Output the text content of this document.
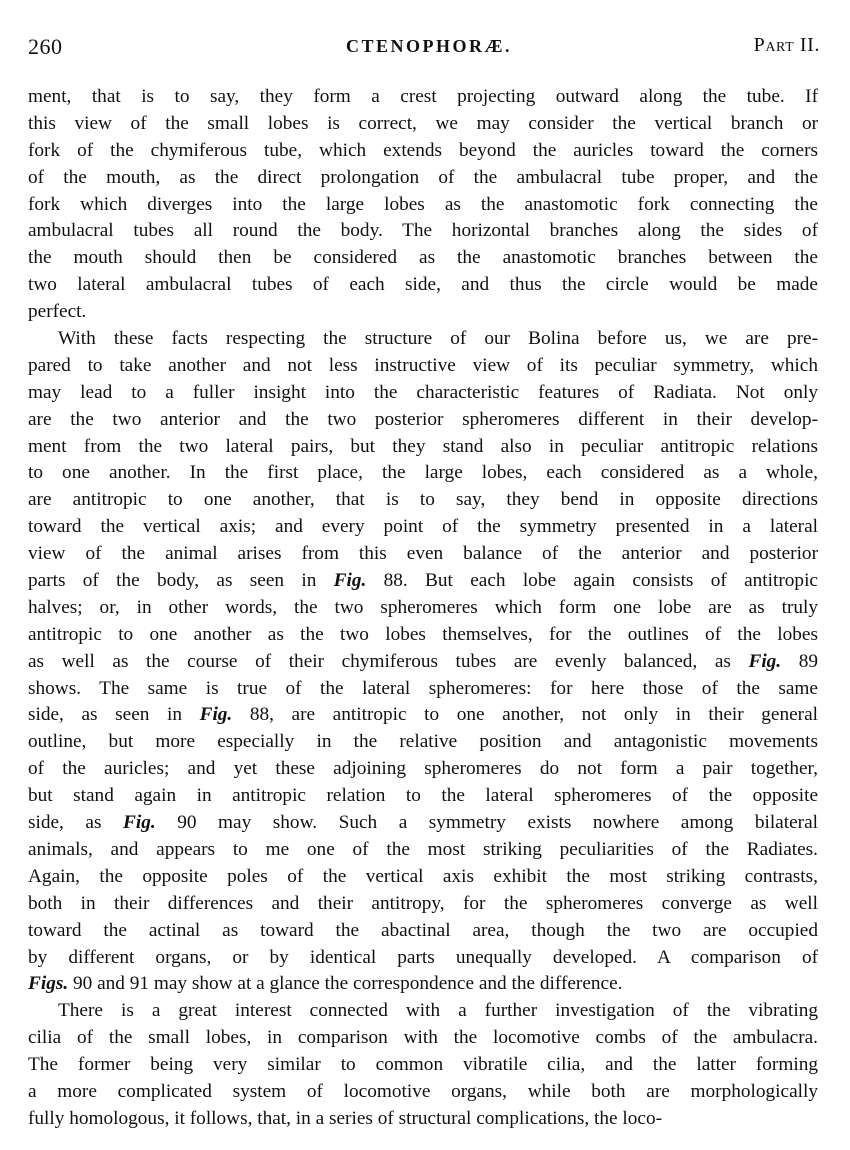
260	CTENOPHORÆ.	Part II.
ment, that is to say, they form a crest projecting outward along the tube. If
this view of the small lobes is correct, we may consider the vertical branch or
fork of the chymiferous tube, which extends beyond the auricles toward the corners
of the mouth, as the direct prolongation of the ambulacral tube proper, and the
fork which diverges into the large lobes as the anastomotic fork connecting the
ambulacral tubes all round the body. The horizontal branches along the sides of
the mouth should then be considered as the anastomotic branches between the
two lateral ambulacral tubes of each side, and thus the circle would be made
perfect.
With these facts respecting the structure of our Bolina before us, we are pre-
pared to take another and not less instructive view of its peculiar symmetry, which
may lead to a fuller insight into the characteristic features of Radiata. Not only
are the two anterior and the two posterior spheromeres different in their develop-
ment from the two lateral pairs, but they stand also in peculiar antitropic relations
to one another. In the first place, the large lobes, each considered as a whole,
are antitropic to one another, that is to say, they bend in opposite directions
toward the vertical axis; and every point of the symmetry presented in a lateral
view of the animal arises from this even balance of the anterior and posterior
parts of the body, as seen in Fig. 88. But each lobe again consists of antitropic
halves; or, in other words, the two spheromeres which form one lobe are as truly
antitropic to one another as the two lobes themselves, for the outlines of the lobes
as well as the course of their chymiferous tubes are evenly balanced, as Fig. 89
shows. The same is true of the lateral spheromeres: for here those of the same
side, as seen in Fig. 88, are antitropic to one another, not only in their general
outline, but more especially in the relative position and antagonistic movements
of the auricles; and yet these adjoining spheromeres do not form a pair together,
but stand again in antitropic relation to the lateral spheromeres of the opposite
side, as Fig. 90 may show. Such a symmetry exists nowhere among bilateral
animals, and appears to me one of the most striking peculiarities of the Radiates.
Again, the opposite poles of the vertical axis exhibit the most striking contrasts,
both in their differences and their antitropy, for the spheromeres converge as well
toward the actinal as toward the abactinal area, though the two are occupied
by different organs, or by identical parts unequally developed. A comparison of
Figs. 90 and 91 may show at a glance the correspondence and the difference.
There is a great interest connected with a further investigation of the vibrating
cilia of the small lobes, in comparison with the locomotive combs of the ambulacra.
The former being very similar to common vibratile cilia, and the latter forming
a more complicated system of locomotive organs, while both are morphologically
fully homologous, it follows, that, in a series of structural complications, the loco-
